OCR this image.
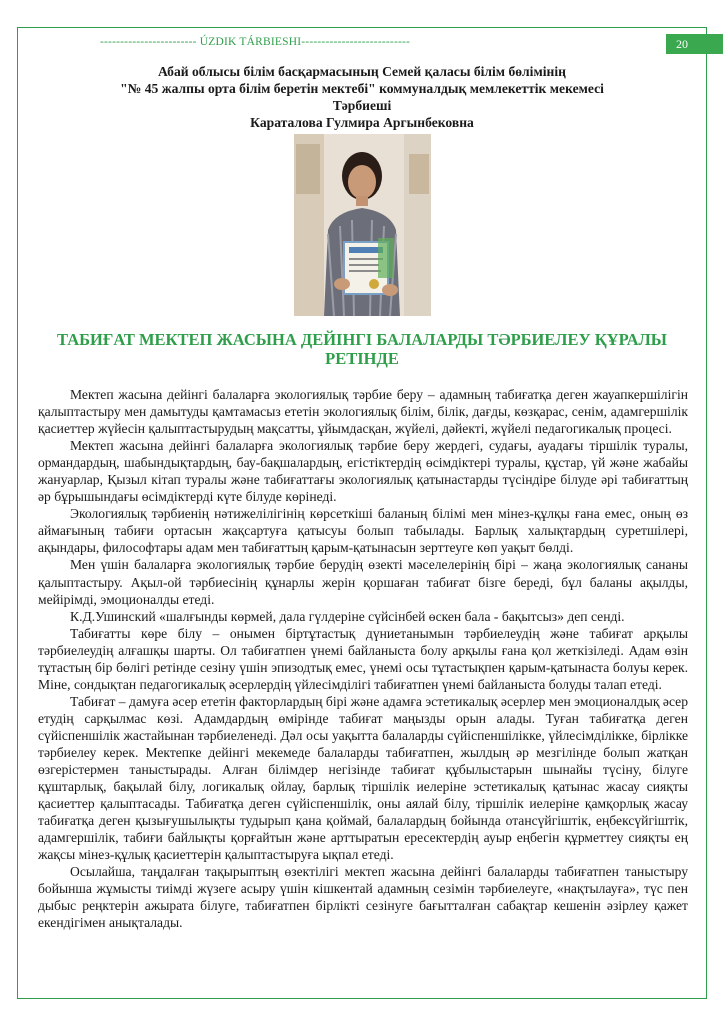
------------------------ ÚZDIK TÁRBIESHI---------------------------	20
Абай облысы білім басқармасының Семей қаласы білім бөлімінің
"№ 45 жалпы орта білім беретін мектебі" коммуналдық мемлекеттік мекемесі
Тәрбиеші
Караталова Гулмира Аргынбековна
ТАБИҒАТ МЕКТЕП ЖАСЫНА ДЕЙІНГІ БАЛАЛАРДЫ ТӘРБИЕЛЕУ ҚҰРАЛЫ РЕТІНДЕ

Мектеп жасына дейінгі балаларға экологиялық тәрбие беру – адамның табиғатқа деген жауапкершілігін қалыптастыру мен дамытуды қамтамасыз ететін экологиялық білім, білік, дағды, көзқарас, сенім, адамгершілік қасиеттер жүйесін қалыптастырудың мақсатты, ұйымдасқан, жүйелі, дәйекті, жүйелі педагогикалық процесі.

Мектеп жасына дейінгі балаларға экологиялық тәрбие беру жердегі, судағы, ауадағы тіршілік туралы, ормандардың, шабындықтардың, бау-бақшалардың, егістіктердің өсімдіктері туралы, құстар, үй және жабайы жануарлар, Қызыл кітап туралы және табиғаттағы экологиялық қатынастарды түсіндіре білуде әрі табиғаттың әр бұрышындағы өсімдіктерді күте білуде көрінеді.

Экологиялық тәрбиенің нәтижелілігінің көрсеткіші баланың білімі мен мінез-құлқы ғана емес, оның өз аймағының табиғи ортасын жақсартуға қатысуы болып табылады. Барлық халықтардың суретшілері, ақындары, философтары адам мен табиғаттың қарым-қатынасын зерттеуге көп уақыт бөлді.

Мен үшін балаларға экологиялық тәрбие берудің өзекті мәселелерінің бірі – жаңа экологиялық сананы қалыптастыру. Ақыл-ой тәрбиесінің құнарлы жерін қоршаған табиғат бізге береді, бұл баланы ақылды, мейірімді, эмоционалды етеді.

К.Д.Ушинский «шалғынды көрмей, дала гүлдеріне сүйсінбей өскен бала - бақытсыз» деп сенді.

Табиғатты көре білу – онымен біртұтастық дүниетанымын тәрбиелеудің және табиғат арқылы тәрбиелеудің алғашқы шарты. Ол табиғатпен үнемі байланыста болу арқылы ғана қол жеткізіледі. Адам өзін тұтастың бір бөлігі ретінде сезіну үшін эпизодтық емес, үнемі осы тұтастықпен қарым-қатынаста болуы керек. Міне, сондықтан педагогикалық әсерлердің үйлесімділігі табиғатпен үнемі байланыста болуды талап етеді.

Табиғат – дамуға әсер ететін факторлардың бірі және адамға эстетикалық әсерлер мен эмоционалдық әсер етудің сарқылмас көзі. Адамдардың өмірінде табиғат маңызды орын алады. Туған табиғатқа деген сүйіспеншілік жастайынан тәрбиеленеді. Дәл осы уақытта балаларды сүйіспеншілікке, үйлесімділікке, бірлікке тәрбиелеу керек. Мектепке дейінгі мекемеде балаларды табиғатпен, жылдың әр мезгілінде болып жатқан өзгерістермен таныстырады. Алған білімдер негізінде табиғат құбылыстарын шынайы түсіну, білуге құштарлық, бақылай білу, логикалық ойлау, барлық тіршілік иелеріне эстетикалық қатынас жасау сияқты қасиеттер қалыптасады. Табиғатқа деген сүйіспеншілік, оны аялай білу, тіршілік иелеріне қамқорлық жасау табиғатқа деген қызығушылықты тудырып қана қоймай, балалардың бойында отансүйгіштік, еңбексүйгіштік, адамгершілік, табиғи байлықты қорғайтын және арттыратын ересектердің ауыр еңбегін құрметтеу сияқты ең жақсы мінез-құлық қасиеттерін қалыптастыруға ықпал етеді.

Осылайша, таңдалған тақырыптың өзектілігі мектеп жасына дейінгі балаларды табиғатпен таныстыру бойынша жұмысты тиімді жүзеге асыру үшін кішкентай адамның сезімін тәрбиелеуге, «нақтылауға», түс пен дыбыс реңктерін ажырата білуге, табиғатпен бірлікті сезінуге бағытталған сабақтар кешенін әзірлеу қажет екендігімен анықталады.
